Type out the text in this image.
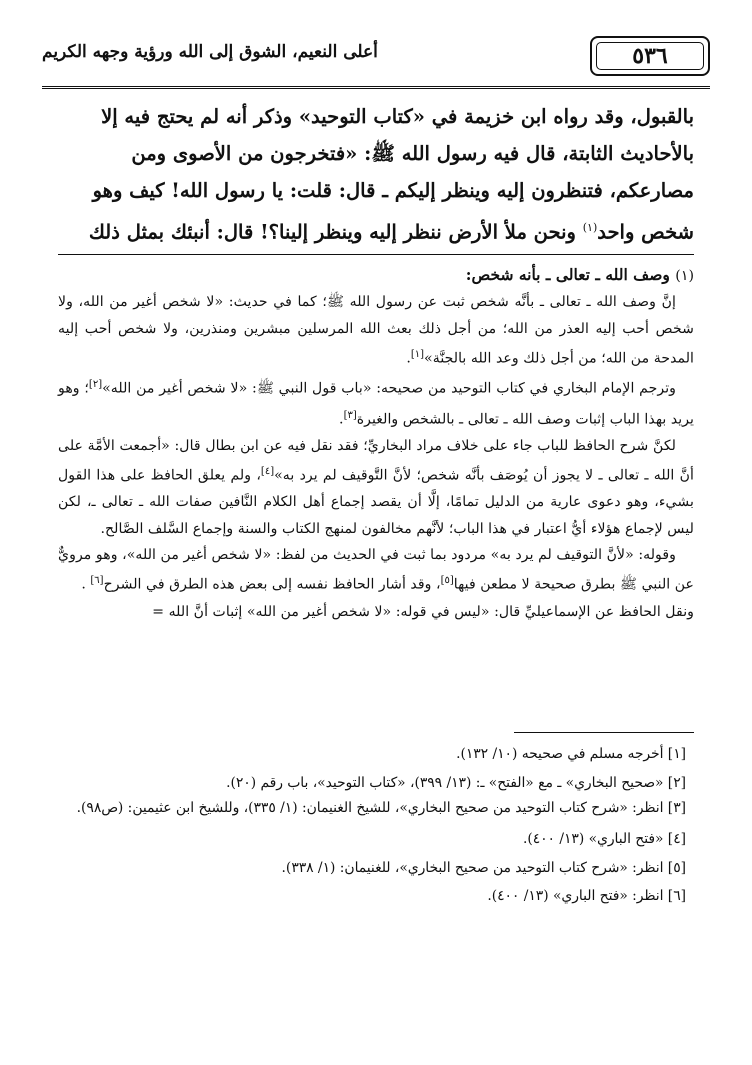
٥٣٦
أعلى النعيم، الشوق إلى الله ورؤية وجهه الكريم
بالقبول، وقد رواه ابن خزيمة في «كتاب التوحيد» وذكر أنه لم يحتج فيه إلا
بالأحاديث الثابتة، قال فيه رسول الله ﷺ: «فتخرجون من الأصوى ومن
مصارعكم، فتنظرون إليه وينظر إليكم ـ قال: قلت: يا رسول الله! كيف وهو
شخص واحد$^{(١)}$ ونحن ملأ الأرض ننظر إليه وينظر إلينا؟! قال: أنبئك بمثل ذلك

(١) وصف الله ـ تعالى ـ بأنه شخص:

إنَّ وصف الله ـ تعالى ـ بأنَّه شخص ثبت عن رسول الله ﷺ؛ كما في حديث: «لا شخص أغير من الله، ولا شخص أحب إليه العذر من الله؛ من أجل ذلك بعث الله المرسلين مبشرين ومنذرين، ولا شخص أحب إليه المدحة من الله؛ من أجل ذلك وعد الله بالجنَّة»[١].

وترجم الإمام البخاري في كتاب التوحيد من صحيحه: «باب قول النبي ﷺ: «لا شخص أغير من الله»[٢]؛ وهو يريد بهذا الباب إثبات وصف الله ـ تعالى ـ بالشخص والغيرة[٣].

لكنَّ شرح الحافظ للباب جاء على خلاف مراد البخاريِّ؛ فقد نقل فيه عن ابن بطال قال: «أجمعت الأمَّة على أنَّ الله ـ تعالى ـ لا يجوز أن يُوصَف بأنَّه شخص؛ لأنَّ التَّوقيف لم يرد به»[٤]، ولم يعلق الحافظ على هذا القول بشيء، وهو دعوى عارية من الدليل تمامًا، إلَّا أن يقصد إجماع أهل الكلام النَّافين صفات الله ـ تعالى ـ، لكن ليس لإجماع هؤلاء أيُّ اعتبار في هذا الباب؛ لأنَّهم مخالفون لمنهج الكتاب والسنة وإجماع السَّلف الصَّالح.

وقوله: «لأنَّ التوقيف لم يرد به» مردود بما ثبت في الحديث من لفظ: «لا شخص أغير من الله»، وهو مرويٌّ عن النبي ﷺ بطرق صحيحة لا مطعن فيها[٥]، وقد أشار الحافظ نفسه إلى بعض هذه الطرق في الشرح[٦] .

ونقل الحافظ عن الإسماعيليِّ قال: «ليس في قوله: «لا شخص أغير من الله» إثبات أنَّ الله =

[١] أخرجه مسلم في صحيحه (١٠/ ١٣٢).
[٢] «صحيح البخاري» ـ مع «الفتح» ـ: (١٣/ ٣٩٩)، «كتاب التوحيد»، باب رقم (٢٠).
[٣] انظر: «شرح كتاب التوحيد من صحيح البخاري»، للشيخ الغنيمان: (١/ ٣٣٥)، وللشيخ ابن عثيمين: (ص٩٨).
[٤] «فتح الباري» (١٣/ ٤٠٠).
[٥] انظر: «شرح كتاب التوحيد من صحيح البخاري»، للغنيمان: (١/ ٣٣٨).
[٦] انظر: «فتح الباري» (١٣/ ٤٠٠).
